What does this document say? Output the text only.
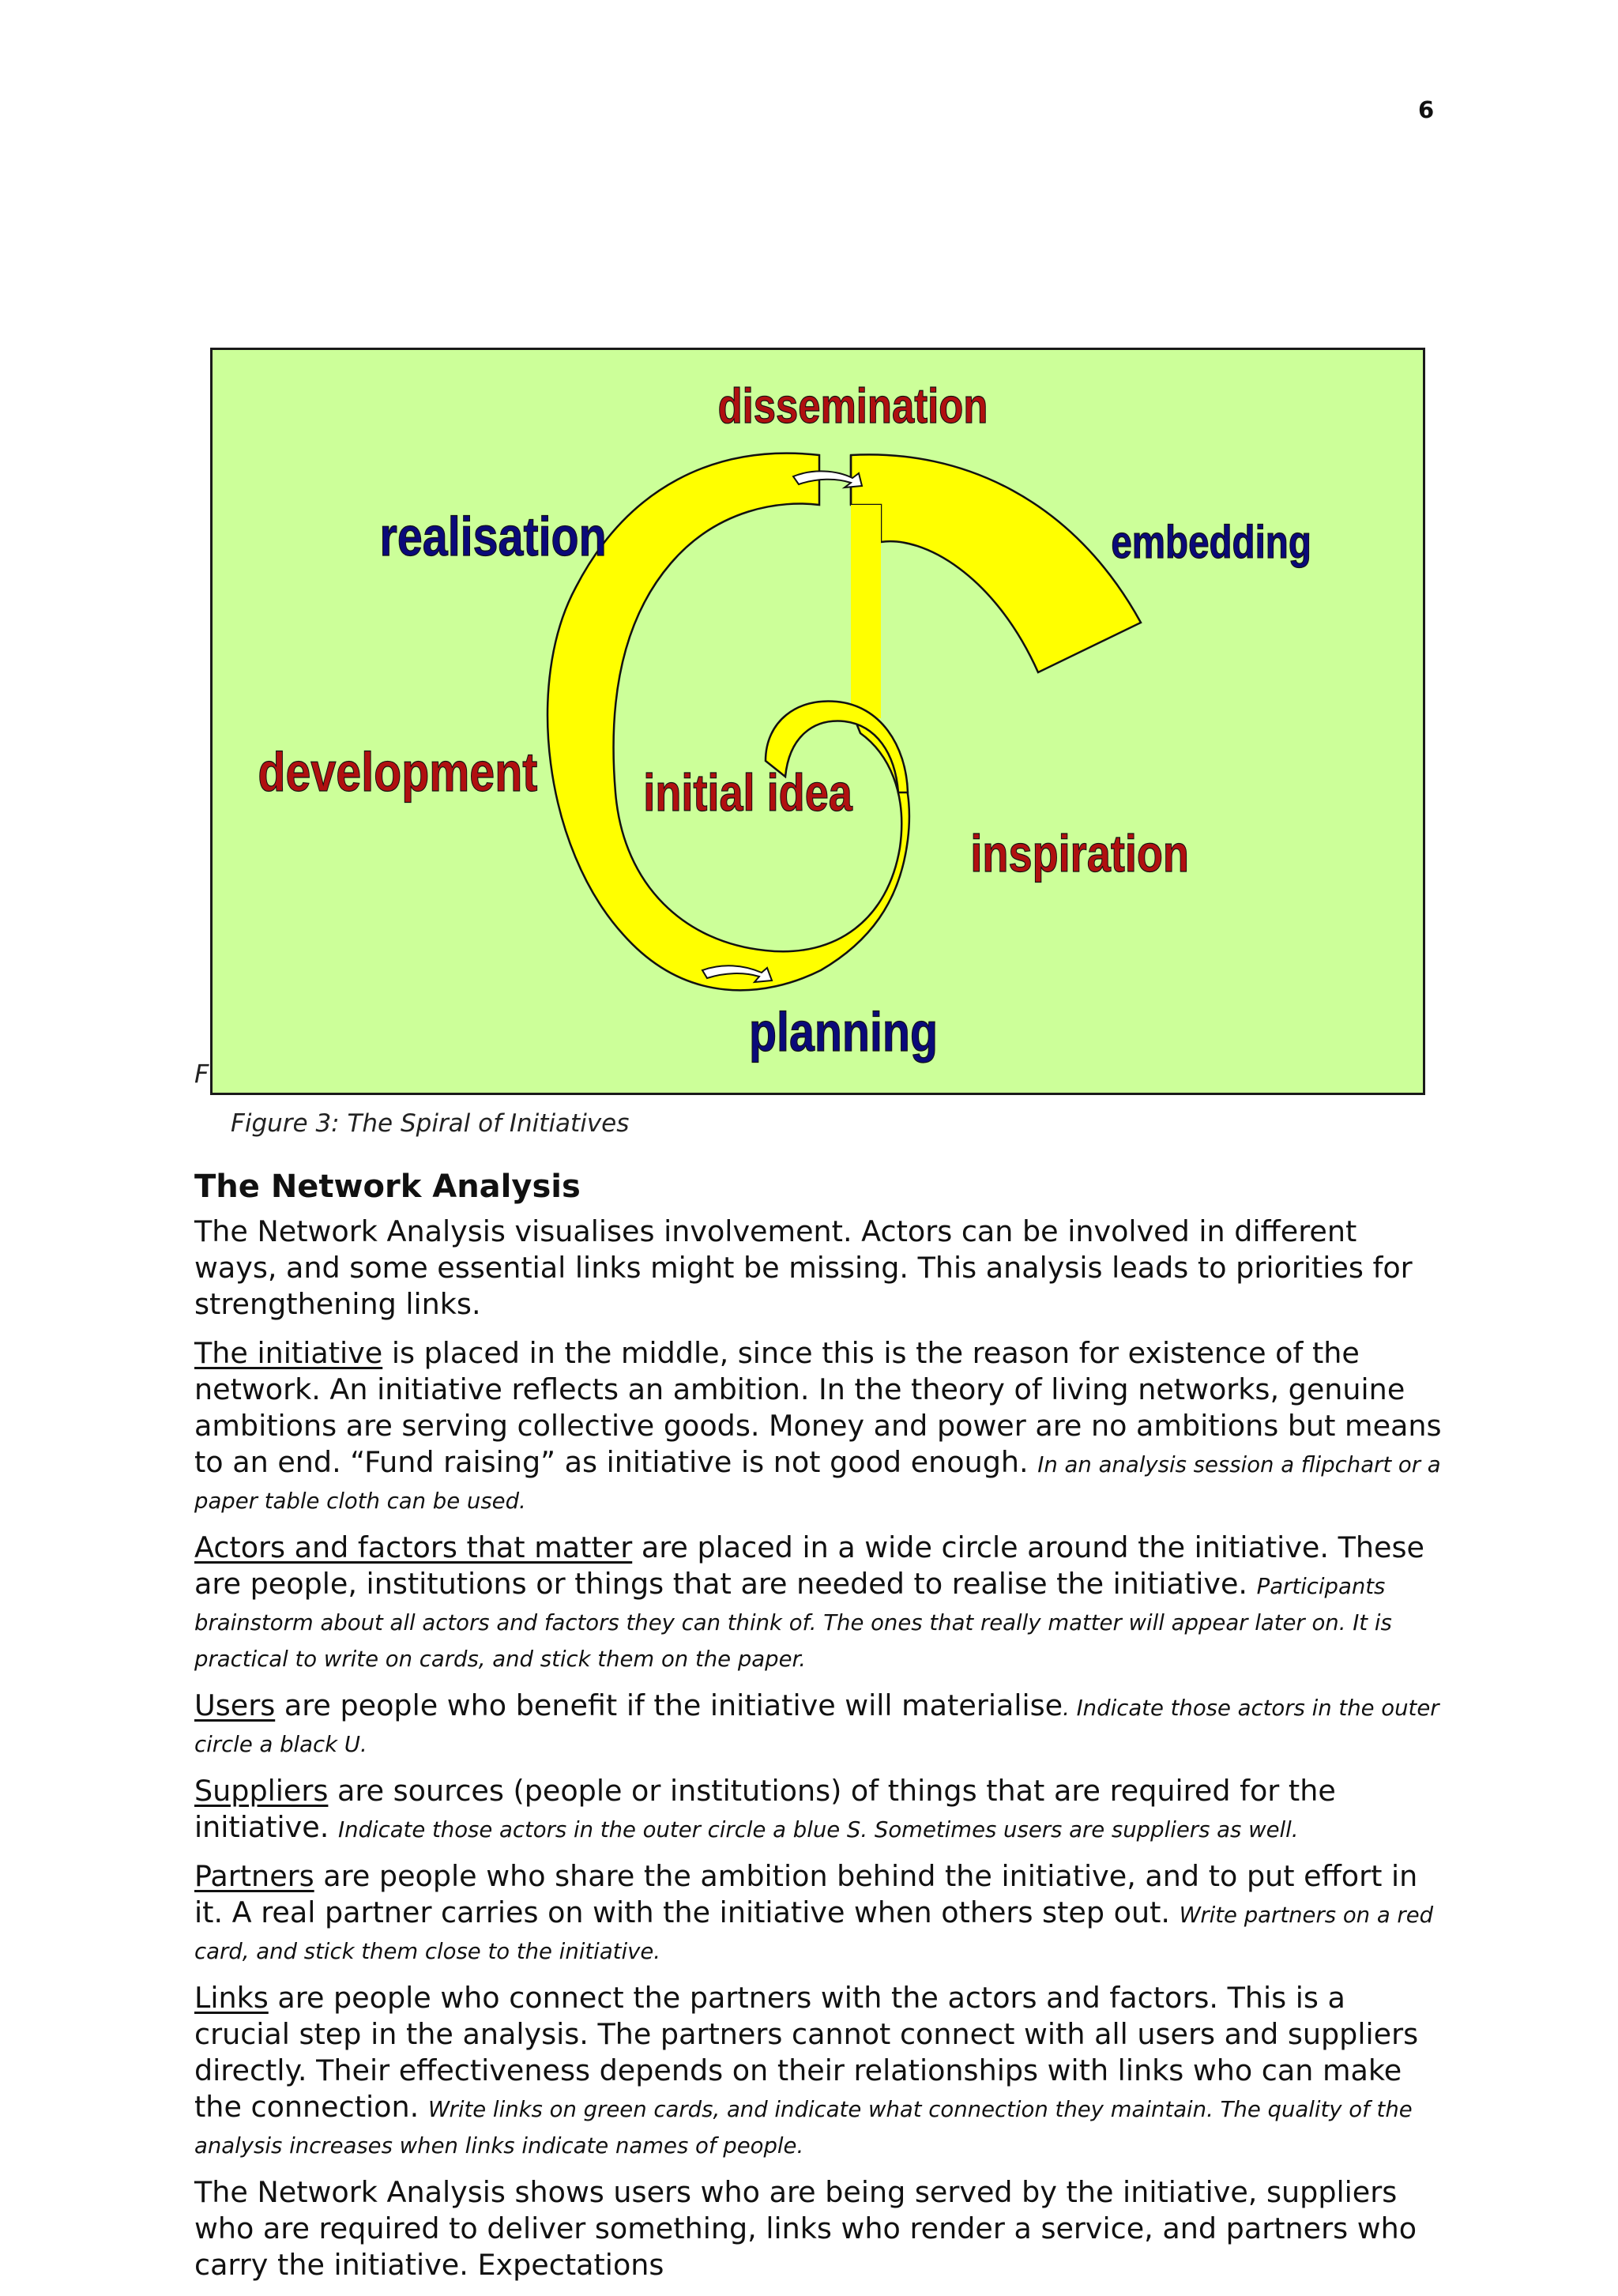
6
dissemination
realisation	embedding
development initial idea
inspiration
planning
F
Figure 3: The Spiral of Initiatives
The Network Analysis

The Network Analysis visualises involvement. Actors can be involved in different ways, and some essential links might be missing. This analysis leads to priorities for strengthening links.

The initiative is placed in the middle, since this is the reason for existence of the network. An initiative reflects an ambition. In the theory of living networks, genuine ambitions are serving collective goods. Money and power are no ambitions but means to an end. “Fund raising” as initiative is not good enough. In an analysis session a flipchart or a paper table cloth can be used.

Actors and factors that matter are placed in a wide circle around the initiative. These are people, institutions or things that are needed to realise the initiative. Participants brainstorm about all actors and factors they can think of. The ones that really matter will appear later on. It is practical to write on cards, and stick them on the paper.

Users are people who benefit if the initiative will materialise. Indicate those actors in the outer circle a black U.

Suppliers are sources (people or institutions) of things that are required for the initiative. Indicate those actors in the outer circle a blue S. Sometimes users are suppliers as well.

Partners are people who share the ambition behind the initiative, and to put effort in it. A real partner carries on with the initiative when others step out. Write partners on a red card, and stick them close to the initiative.

Links are people who connect the partners with the actors and factors. This is a crucial step in the analysis. The partners cannot connect with all users and suppliers directly. Their effectiveness depends on their relationships with links who can make the connection. Write links on green cards, and indicate what connection they maintain. The quality of the analysis increases when links indicate names of people.

The Network Analysis shows users who are being served by the initiative, suppliers who are required to deliver something, links who render a service, and partners who carry the initiative. Expectations
